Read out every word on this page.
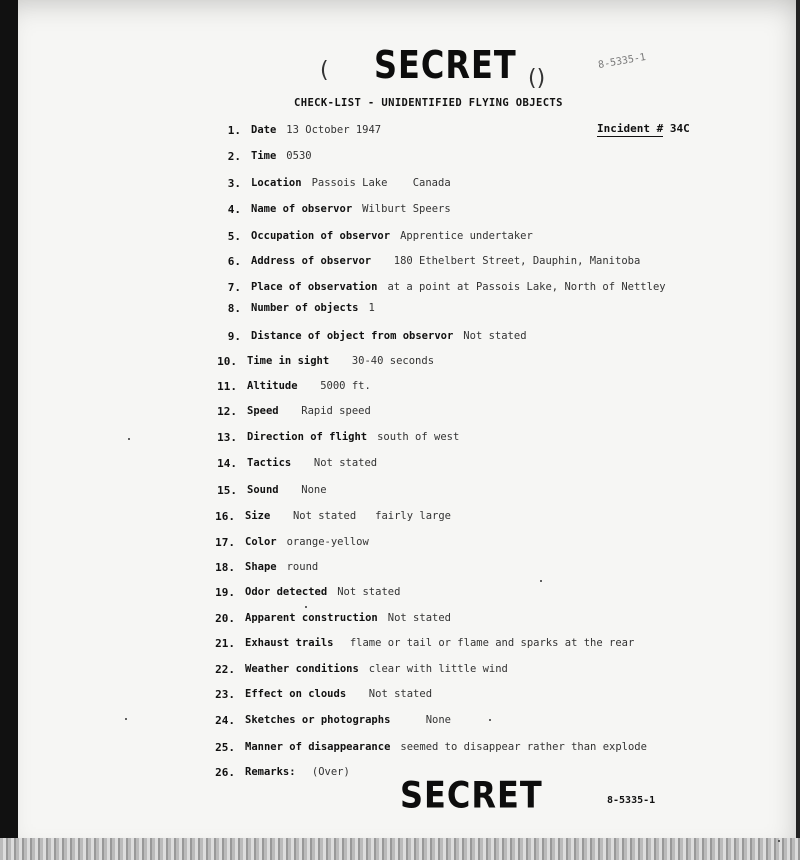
( SECRET ()
8-5335-1
CHECK-LIST - UNIDENTIFIED FLYING OBJECTS
Incident # 34C
1. Date 13 October 1947
2. Time 0530
3. Location Passois Lake    Canada
4. Name of observor Wilburt Speers
5. Occupation of observor Apprentice undertaker
6. Address of observor  180 Ethelbert Street, Dauphin, Manitoba
7. Place of observation at a point at Passois Lake, North of Nettley
8. Number of objects 1
9. Distance of object from observor Not stated
10. Time in sight  30-40 seconds
11. Altitude  5000 ft.
12. Speed  Rapid speed
13. Direction of flight south of west
14. Tactics  Not stated
15. Sound  None
16. Size  Not stated   fairly large
17. Color orange-yellow
18. Shape round
19. Odor detected Not stated
20. Apparent construction Not stated
21. Exhaust trails flame or tail or flame and sparks at the rear
22. Weather conditions clear with little wind
23. Effect on clouds  Not stated
24. Sketches or photographs    None
25. Manner of disappearance seemed to disappear rather than explode
26. Remarks: (Over)
SECRET	8-5335-1
